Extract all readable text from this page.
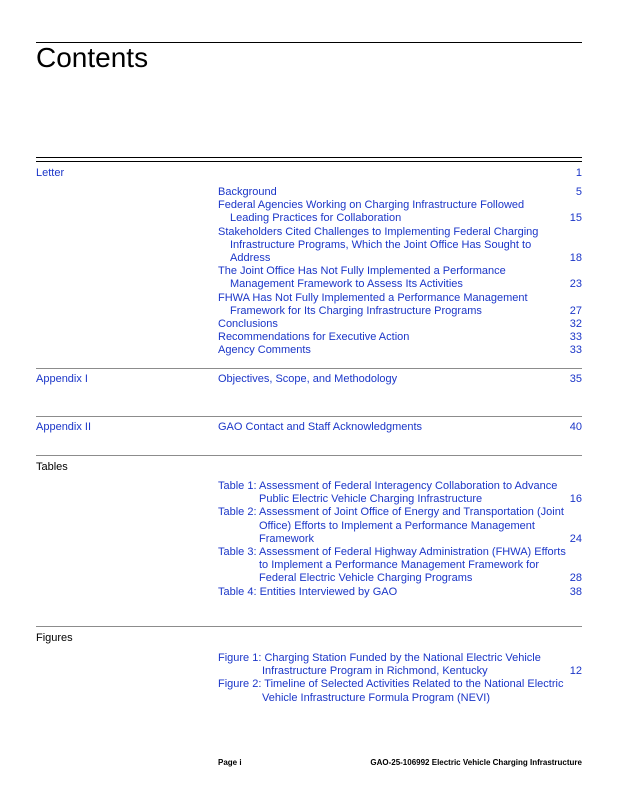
Contents
Letter	1
Background	5
Federal Agencies Working on Charging Infrastructure Followed Leading Practices for Collaboration	15
Stakeholders Cited Challenges to Implementing Federal Charging Infrastructure Programs, Which the Joint Office Has Sought to Address	18
The Joint Office Has Not Fully Implemented a Performance Management Framework to Assess Its Activities	23
FHWA Has Not Fully Implemented a Performance Management Framework for Its Charging Infrastructure Programs	27
Conclusions	32
Recommendations for Executive Action	33
Agency Comments	33
Appendix I	Objectives, Scope, and Methodology	35
Appendix II	GAO Contact and Staff Acknowledgments	40
Tables
Table 1: Assessment of Federal Interagency Collaboration to Advance Public Electric Vehicle Charging Infrastructure	16
Table 2: Assessment of Joint Office of Energy and Transportation (Joint Office) Efforts to Implement a Performance Management Framework	24
Table 3: Assessment of Federal Highway Administration (FHWA) Efforts to Implement a Performance Management Framework for Federal Electric Vehicle Charging Programs	28
Table 4: Entities Interviewed by GAO	38
Figures
Figure 1: Charging Station Funded by the National Electric Vehicle Infrastructure Program in Richmond, Kentucky	12
Figure 2: Timeline of Selected Activities Related to the National Electric Vehicle Infrastructure Formula Program (NEVI)
Page i	GAO-25-106992 Electric Vehicle Charging Infrastructure
